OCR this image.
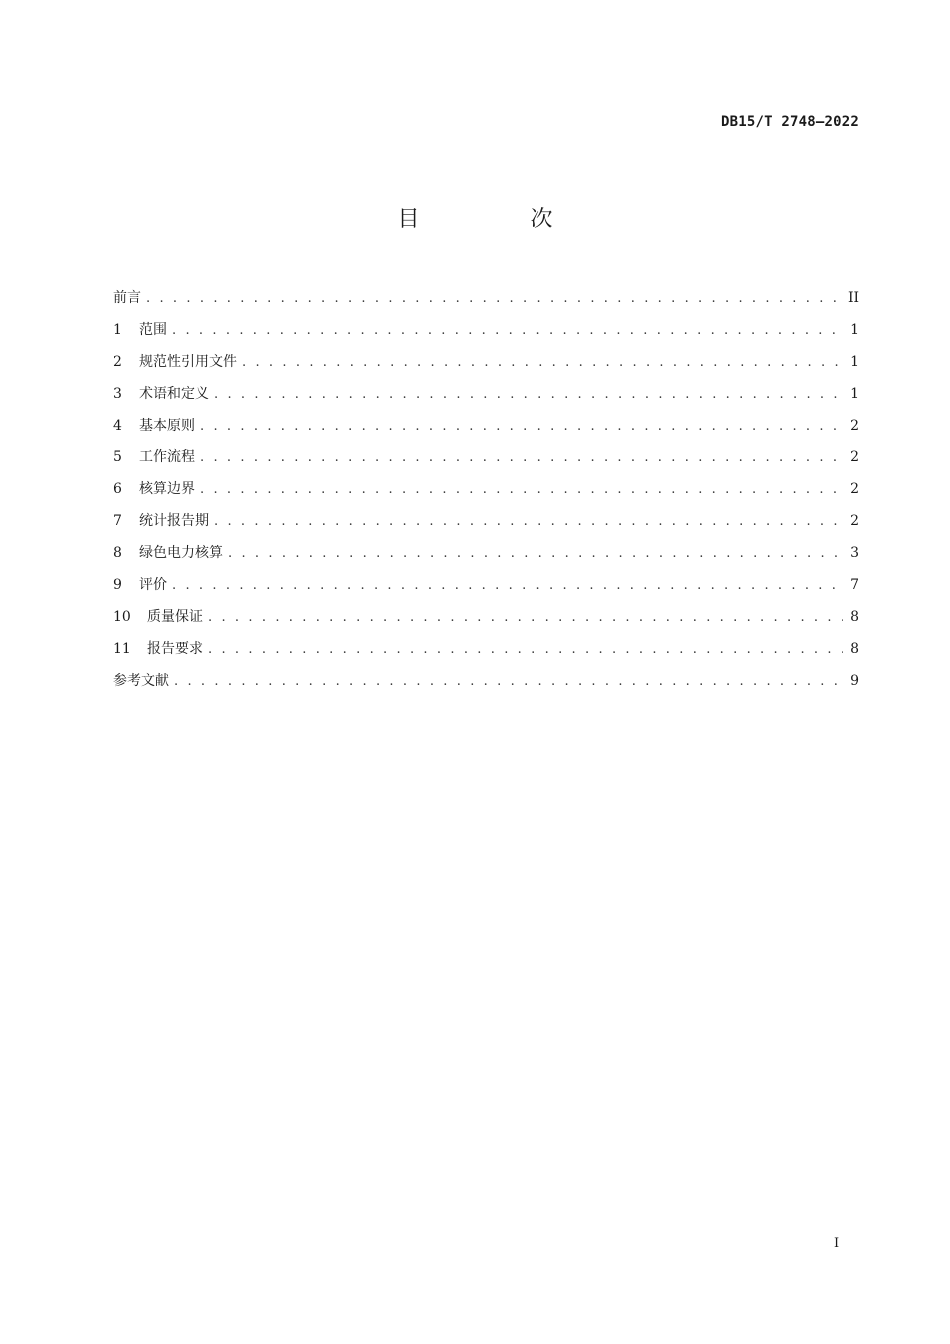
DB15/T 2748—2022
目 次
前言 . . .	II
1	范围 . . .	1
2	规范性引用文件 . . .	1
3	术语和定义 . . .	1
4	基本原则 . . .	2
5	工作流程 . . .	2
6	核算边界 . . .	2
7	统计报告期 . . .	2
8	绿色电力核算 . . .	3
9	评价 . . .	7
10	质量保证 . . .	8
11	报告要求 . . .	8
参考文献 . . .	9
I
